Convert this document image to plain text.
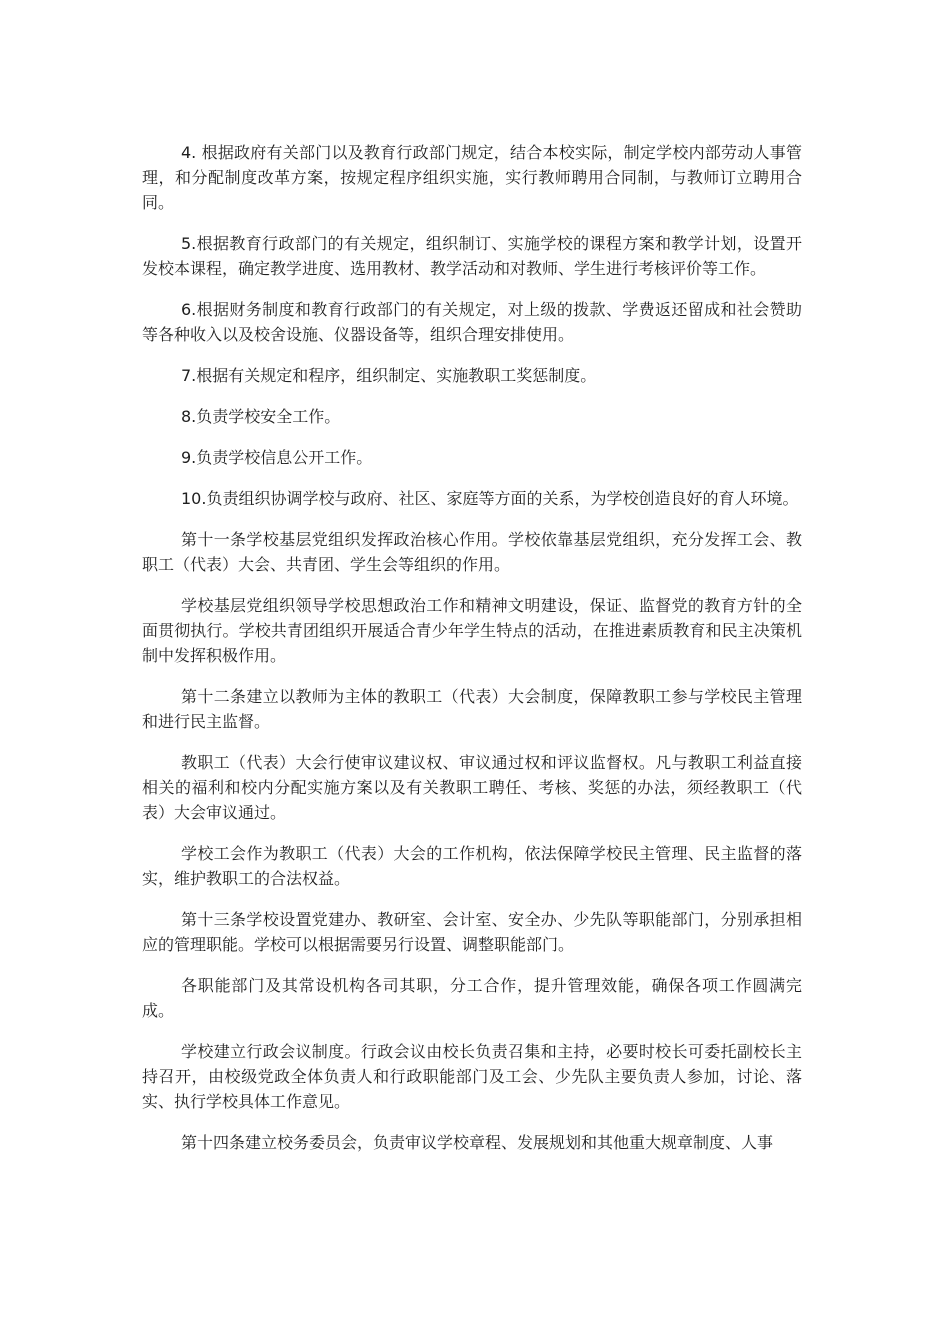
4. 根据政府有关部门以及教育行政部门规定，结合本校实际，制定学校内部劳动人事管理，和分配制度改革方案，按规定程序组织实施，实行教师聘用合同制，与教师订立聘用合同。

5.根据教育行政部门的有关规定，组织制订、实施学校的课程方案和教学计划，设置开发校本课程，确定教学进度、选用教材、教学活动和对教师、学生进行考核评价等工作。

6.根据财务制度和教育行政部门的有关规定，对上级的拨款、学费返还留成和社会赞助等各种收入以及校舍设施、仪器设备等，组织合理安排使用。

7.根据有关规定和程序，组织制定、实施教职工奖惩制度。

8.负责学校安全工作。

9.负责学校信息公开工作。

10.负责组织协调学校与政府、社区、家庭等方面的关系，为学校创造良好的育人环境。

第十一条学校基层党组织发挥政治核心作用。学校依靠基层党组织，充分发挥工会、教职工（代表）大会、共青团、学生会等组织的作用。

学校基层党组织领导学校思想政治工作和精神文明建设，保证、监督党的教育方针的全面贯彻执行。学校共青团组织开展适合青少年学生特点的活动，在推进素质教育和民主决策机制中发挥积极作用。

第十二条建立以教师为主体的教职工（代表）大会制度，保障教职工参与学校民主管理和进行民主监督。

教职工（代表）大会行使审议建议权、审议通过权和评议监督权。凡与教职工利益直接相关的福利和校内分配实施方案以及有关教职工聘任、考核、奖惩的办法，须经教职工（代表）大会审议通过。

学校工会作为教职工（代表）大会的工作机构，依法保障学校民主管理、民主监督的落实，维护教职工的合法权益。

第十三条学校设置党建办、教研室、会计室、安全办、少先队等职能部门，分别承担相应的管理职能。学校可以根据需要另行设置、调整职能部门。

各职能部门及其常设机构各司其职，分工合作，提升管理效能，确保各项工作圆满完成。

学校建立行政会议制度。行政会议由校长负责召集和主持，必要时校长可委托副校长主持召开，由校级党政全体负责人和行政职能部门及工会、少先队主要负责人参加，讨论、落实、执行学校具体工作意见。

第十四条建立校务委员会，负责审议学校章程、发展规划和其他重大规章制度、人事
